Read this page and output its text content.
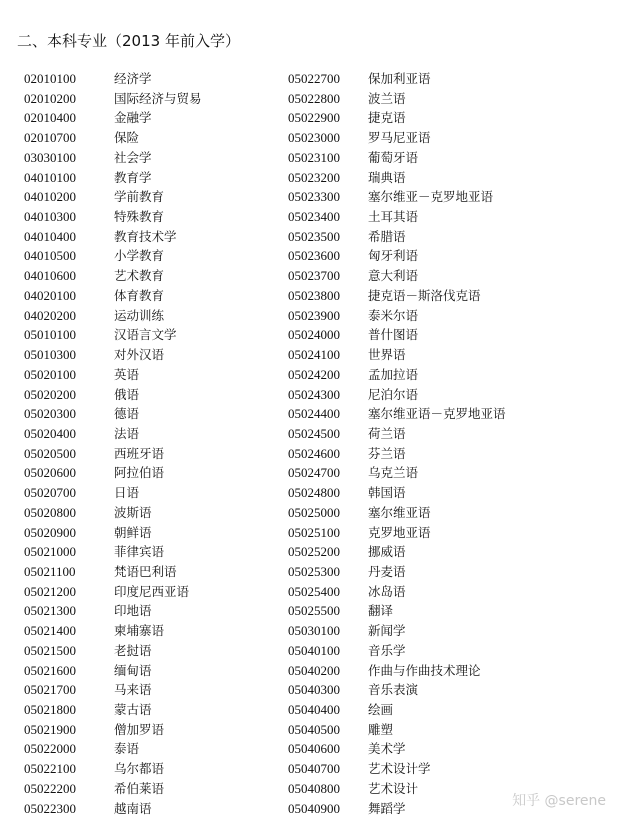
二、本科专业（2013 年前入学）
02010100	经济学
02010200	国际经济与贸易
02010400	金融学
02010700	保险
03030100	社会学
04010100	教育学
04010200	学前教育
04010300	特殊教育
04010400	教育技术学
04010500	小学教育
04010600	艺术教育
04020100	体育教育
04020200	运动训练
05010100	汉语言文学
05010300	对外汉语
05020100	英语
05020200	俄语
05020300	德语
05020400	法语
05020500	西班牙语
05020600	阿拉伯语
05020700	日语
05020800	波斯语
05020900	朝鲜语
05021000	菲律宾语
05021100	梵语巴利语
05021200	印度尼西亚语
05021300	印地语
05021400	柬埔寨语
05021500	老挝语
05021600	缅甸语
05021700	马来语
05021800	蒙古语
05021900	僧加罗语
05022000	泰语
05022100	乌尔都语
05022200	希伯莱语
05022300	越南语
05022700 保加利亚语
05022800 波兰语
05022900 捷克语
05023000 罗马尼亚语
05023100 葡萄牙语
05023200 瑞典语
05023300 塞尔维亚－克罗地亚语
05023400 土耳其语
05023500 希腊语
05023600 匈牙利语
05023700 意大利语
05023800 捷克语－斯洛伐克语
05023900 泰米尔语
05024000 普什图语
05024100 世界语
05024200 孟加拉语
05024300 尼泊尔语
05024400 塞尔维亚语－克罗地亚语
05024500 荷兰语
05024600 芬兰语
05024700 乌克兰语
05024800 韩国语
05025000 塞尔维亚语
05025100 克罗地亚语
05025200 挪威语
05025300 丹麦语
05025400 冰岛语
05025500 翻译
05030100 新闻学
05040100 音乐学
05040200 作曲与作曲技术理论
05040300 音乐表演
05040400 绘画
05040500 雕塑
05040600 美术学
05040700 艺术设计学
05040800 艺术设计
05040900 舞蹈学	知乎 @serene
